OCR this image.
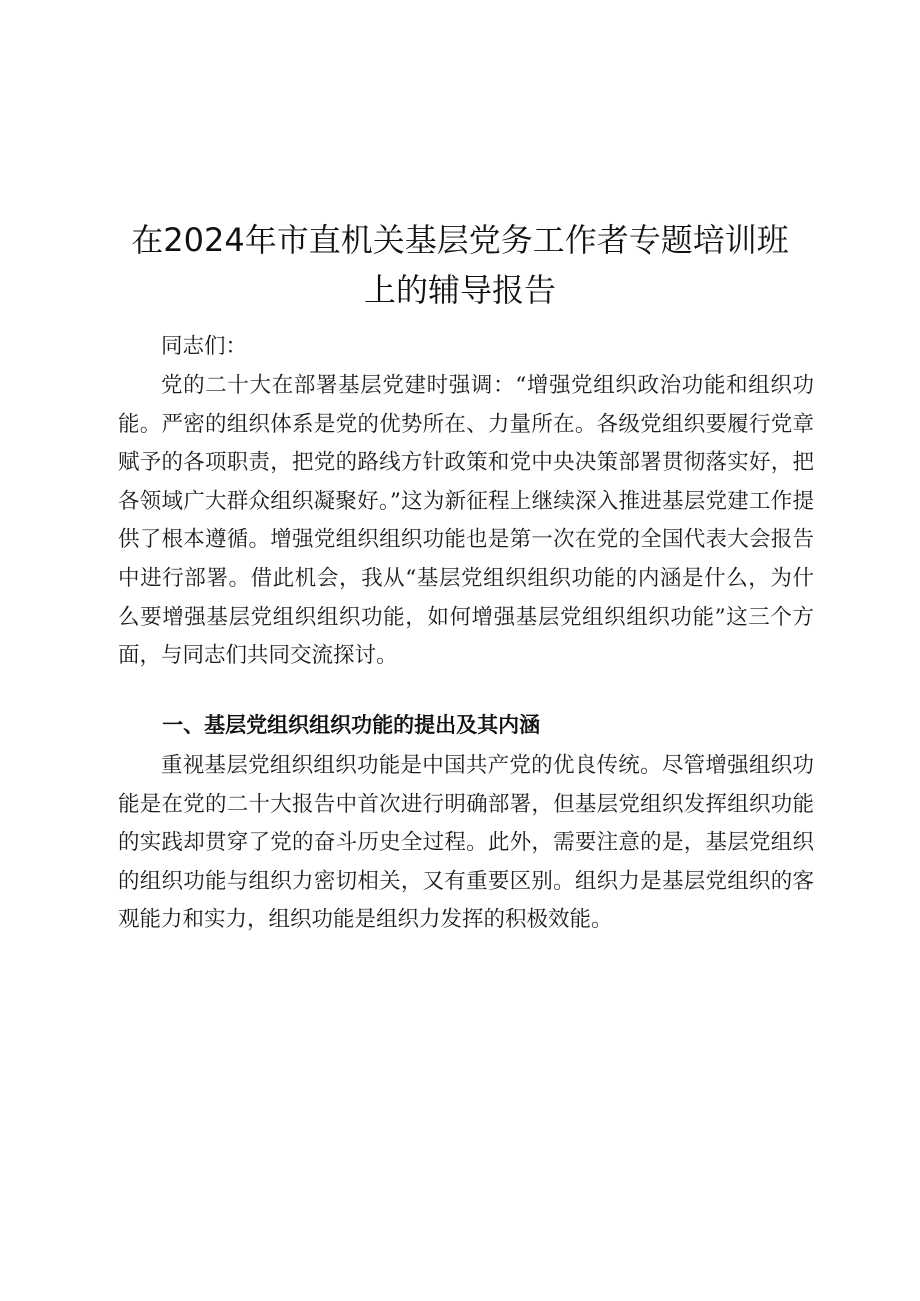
在2024年市直机关基层党务工作者专题培训班
上的辅导报告

同志们：

党的二十大在部署基层党建时强调：“增强党组织政治功能和组织功能。严密的组织体系是党的优势所在、力量所在。各级党组织要履行党章赋予的各项职责，把党的路线方针政策和党中央决策部署贯彻落实好，把各领域广大群众组织凝聚好。”这为新征程上继续深入推进基层党建工作提供了根本遵循。增强党组织组织功能也是第一次在党的全国代表大会报告中进行部署。借此机会，我从“基层党组织组织功能的内涵是什么，为什么要增强基层党组织组织功能，如何增强基层党组织组织功能”这三个方面，与同志们共同交流探讨。

一、基层党组织组织功能的提出及其内涵

重视基层党组织组织功能是中国共产党的优良传统。尽管增强组织功能是在党的二十大报告中首次进行明确部署，但基层党组织发挥组织功能的实践却贯穿了党的奋斗历史全过程。此外，需要注意的是，基层党组织的组织功能与组织力密切相关，又有重要区别。组织力是基层党组织的客观能力和实力，组织功能是组织力发挥的积极效能。
